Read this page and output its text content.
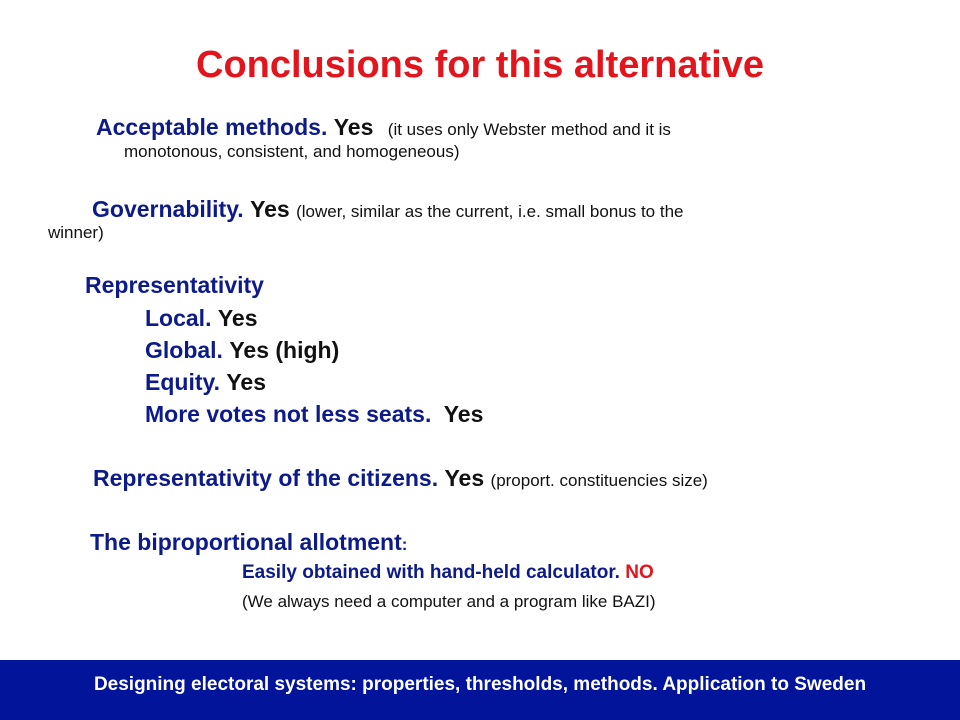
Conclusions for this alternative
Acceptable methods. Yes (it uses only Webster method and it is
monotonous, consistent, and homogeneous)
Governability. Yes (lower, similar as the current, i.e. small bonus to the
winner)
Representativity
Local. Yes
Global. Yes (high)
Equity. Yes
More votes not less seats. Yes
Representativity of the citizens. Yes (proport. constituencies size)
The biproportional allotment:
Easily obtained with hand-held calculator. NO
(We always need a computer and a program like BAZI)
Designing electoral systems: properties, thresholds, methods. Application to Sweden
